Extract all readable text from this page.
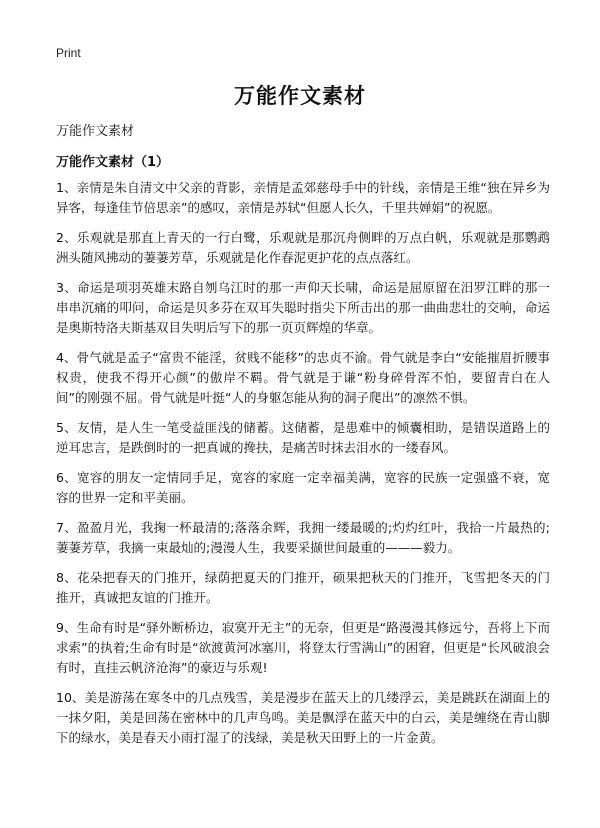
Print
万能作文素材

万能作文素材

万能作文素材（1）

1、亲情是朱自清文中父亲的背影，亲情是孟郊慈母手中的针线，亲情是王维“独在异乡为异客，每逢佳节倍思亲”的感叹，亲情是苏轼“但愿人长久，千里共婵娟”的祝愿。

2、乐观就是那直上青天的一行白鹭，乐观就是那沉舟侧畔的万点白帆，乐观就是那鹦鹉洲头随风拂动的萋萋芳草，乐观就是化作春泥更护花的点点落红。

3、命运是项羽英雄末路自刎乌江时的那一声仰天长啸，命运是屈原留在汨罗江畔的那一串串沉痛的叩问，命运是贝多芬在双耳失聪时指尖下所击出的那一曲曲悲壮的交响，命运是奥斯特洛夫斯基双目失明后写下的那一页页辉煌的华章。

4、骨气就是孟子“富贵不能淫，贫贱不能移”的忠贞不渝。骨气就是李白“安能摧眉折腰事权贵，使我不得开心颜”的傲岸不羁。骨气就是于谦“粉身碎骨浑不怕，要留青白在人间”的刚强不屈。骨气就是叶挺“人的身躯怎能从狗的洞子爬出”的凛然不惧。

5、友情，是人生一笔受益匪浅的储蓄。这储蓄，是患难中的倾囊相助，是错误道路上的逆耳忠言，是跌倒时的一把真诚的搀扶，是痛苦时抹去泪水的一缕春风。

6、宽容的朋友一定情同手足，宽容的家庭一定幸福美满，宽容的民族一定强盛不衰，宽容的世界一定和平美丽。

7、盈盈月光，我掬一杯最清的;落落余辉，我拥一缕最暖的;灼灼红叶，我拾一片最热的;萋萋芳草，我摘一束最灿的;漫漫人生，我要采撷世间最重的———毅力。

8、花朵把春天的门推开，绿荫把夏天的门推开，硕果把秋天的门推开，飞雪把冬天的门推开，真诚把友谊的门推开。

9、生命有时是“驿外断桥边，寂寞开无主”的无奈，但更是“路漫漫其修远兮，吾将上下而求索”的执着;生命有时是“欲渡黄河冰塞川，将登太行雪满山”的困窘，但更是“长风破浪会有时，直挂云帆济沧海”的豪迈与乐观!

10、美是游荡在寒冬中的几点残雪，美是漫步在蓝天上的几缕浮云，美是跳跃在湖面上的一抹夕阳，美是回荡在密林中的几声鸟鸣。美是飘浮在蓝天中的白云，美是缠绕在青山脚下的绿水，美是春天小雨打湿了的浅绿，美是秋天田野上的一片金黄。
